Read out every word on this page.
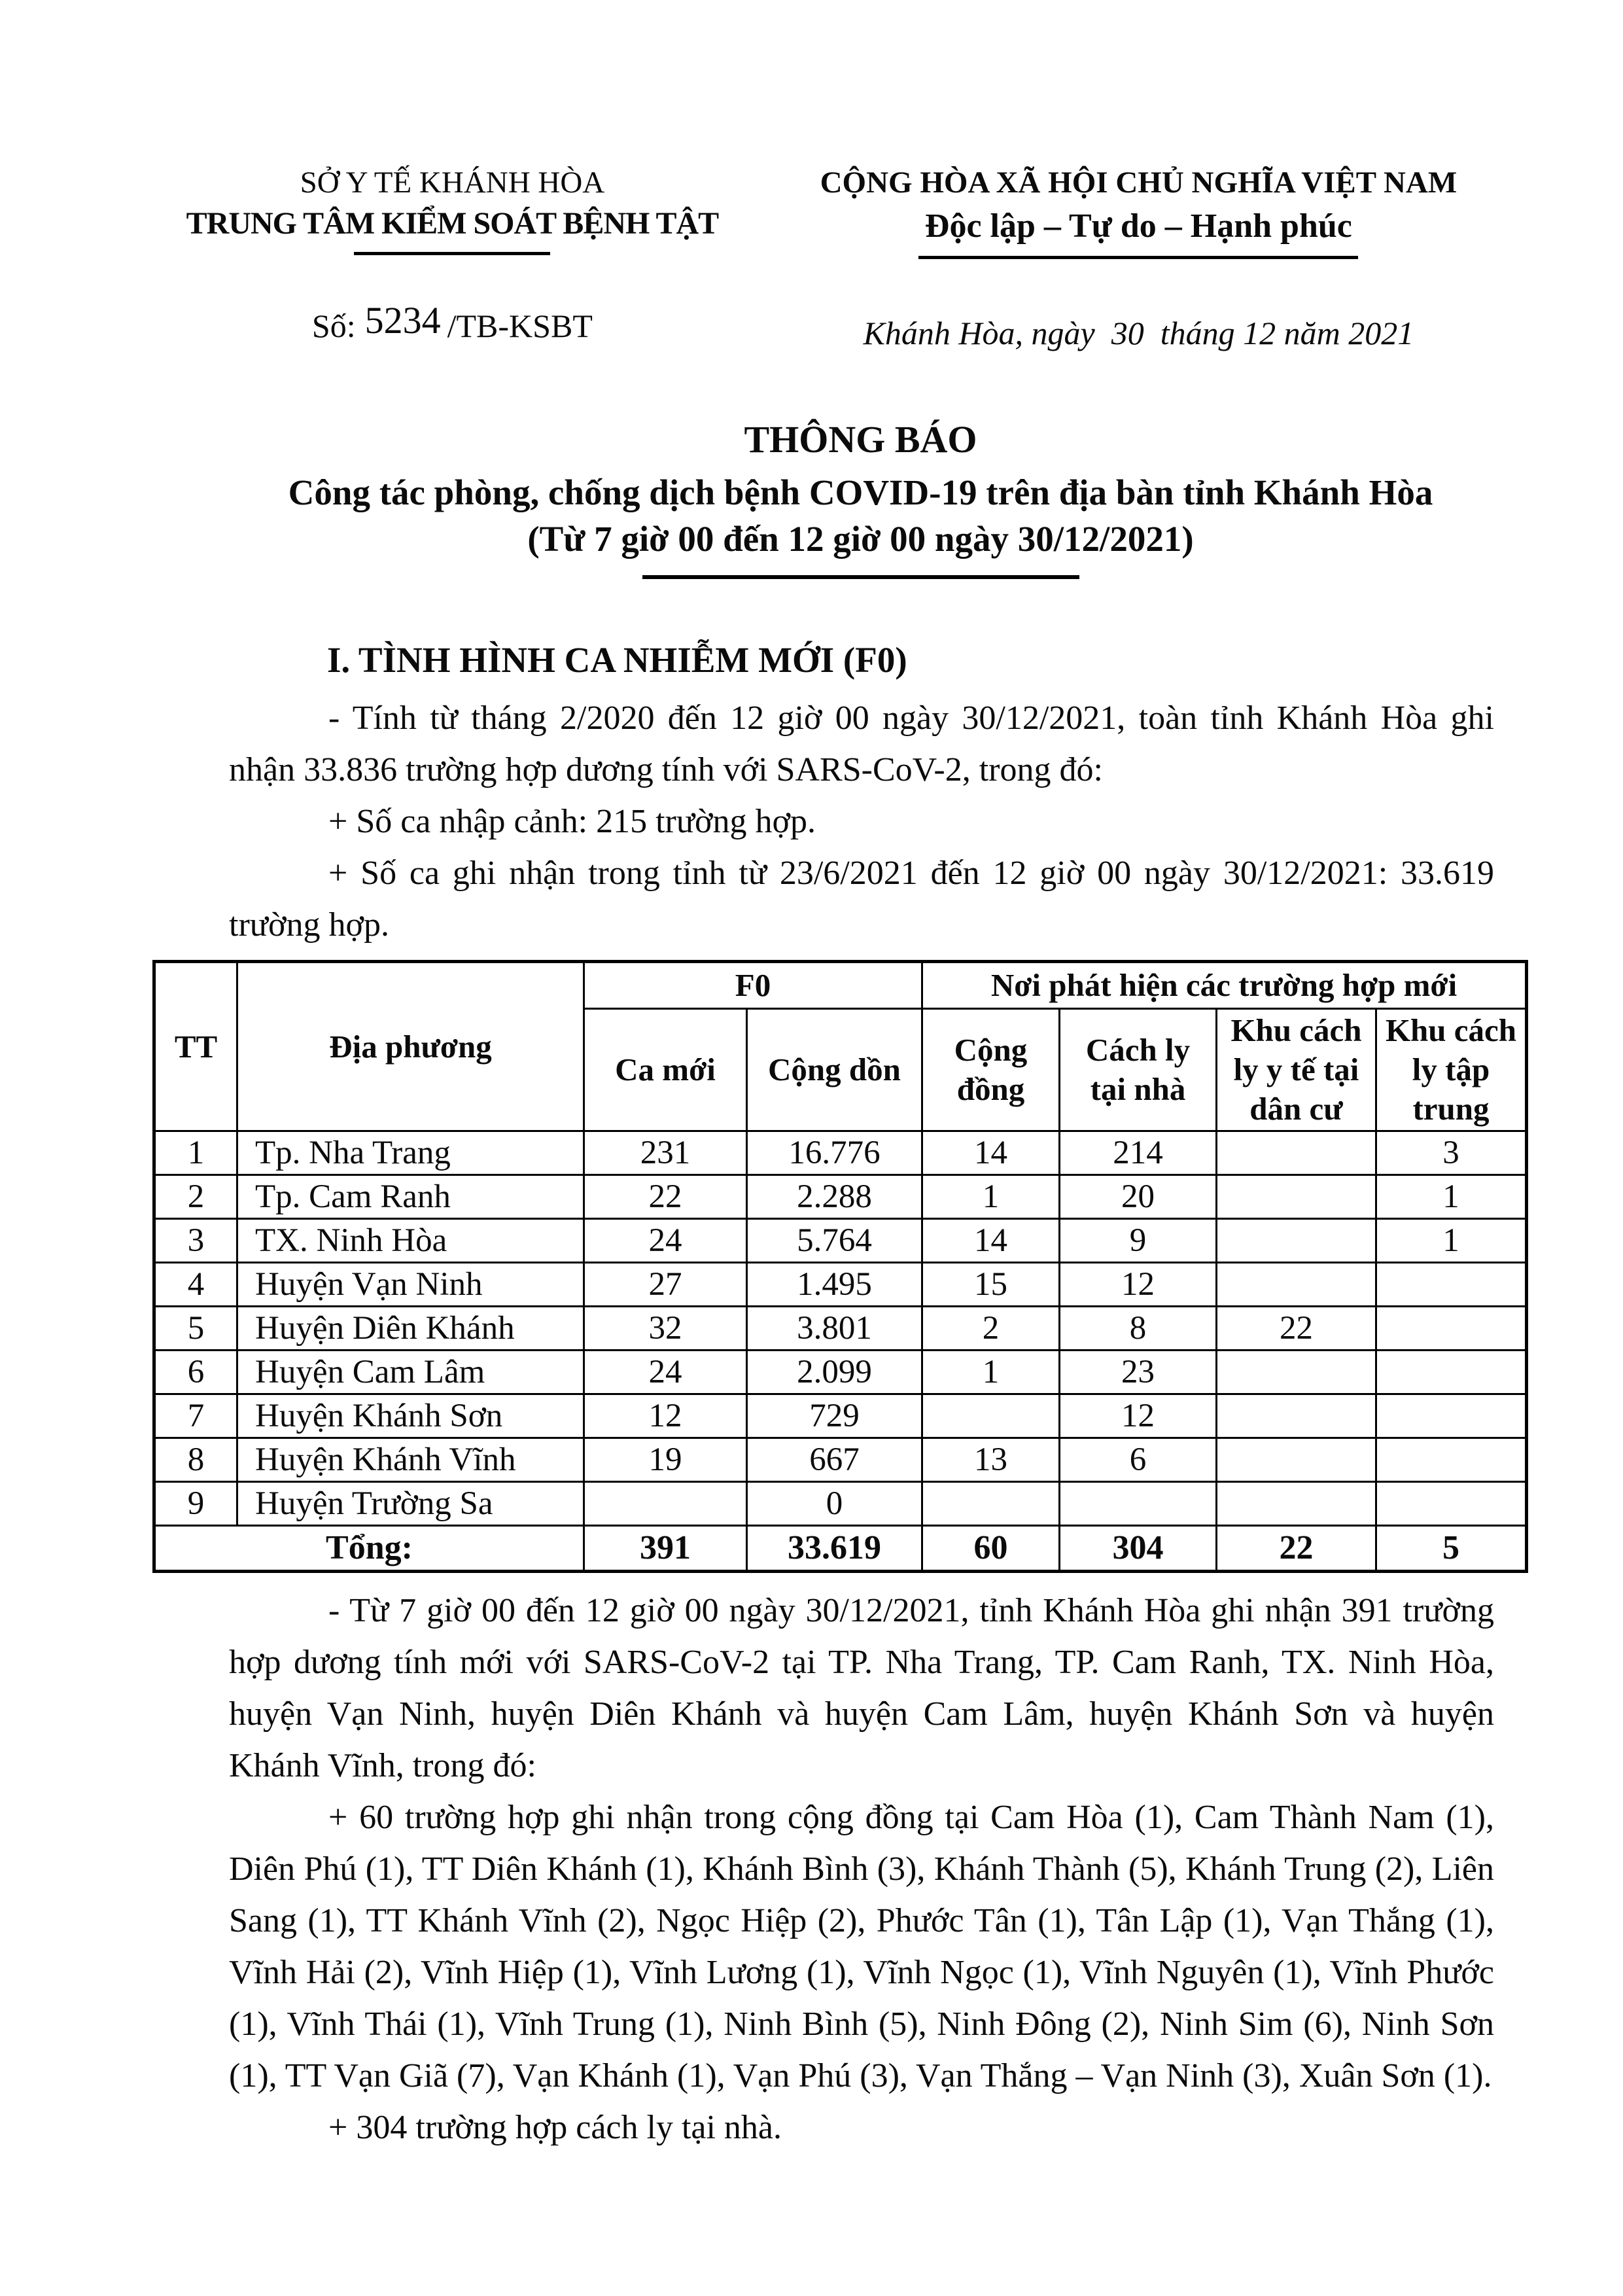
SỞ Y TẾ KHÁNH HÒA
TRUNG TÂM KIỂM SOÁT BỆNH TẬT
Số: 5234 /TB-KSBT
CỘNG HÒA XÃ HỘI CHỦ NGHĨA VIỆT NAM
Độc lập – Tự do – Hạnh phúc
Khánh Hòa, ngày  30  tháng 12 năm 2021
THÔNG BÁO
Công tác phòng, chống dịch bệnh COVID-19 trên địa bàn tỉnh Khánh Hòa
(Từ 7 giờ 00 đến 12 giờ 00 ngày 30/12/2021)
I. TÌNH HÌNH CA NHIỄM MỚI (F0)

- Tính từ tháng 2/2020 đến 12 giờ 00 ngày 30/12/2021, toàn tỉnh Khánh Hòa ghi nhận 33.836 trường hợp dương tính với SARS-CoV-2, trong đó:

+ Số ca nhập cảnh: 215 trường hợp.

+ Số ca ghi nhận trong tỉnh từ 23/6/2021 đến 12 giờ 00 ngày 30/12/2021: 33.619 trường hợp.

TT	Địa phương	F0		Nơi phát hiện các trường hợp mới			
		Ca mới	Cộng dồn	Cộng đồng	Cách ly tại nhà	Khu cách ly y tế tại dân cư	Khu cách ly tập trung
1	Tp. Nha Trang	231	16.776	14	214		3
2	Tp. Cam Ranh	22	2.288	1	20		1
3	TX. Ninh Hòa	24	5.764	14	9		1
4	Huyện Vạn Ninh	27	1.495	15	12		
5	Huyện Diên Khánh	32	3.801	2	8	22	
6	Huyện Cam Lâm	24	2.099	1	23		
7	Huyện Khánh Sơn	12	729		12		
8	Huyện Khánh Vĩnh	19	667	13	6		
9	Huyện Trường Sa		0				
Tổng:		391	33.619	60	304	22	5

- Từ 7 giờ 00 đến 12 giờ 00 ngày 30/12/2021, tỉnh Khánh Hòa ghi nhận 391 trường hợp dương tính mới với SARS-CoV-2 tại TP. Nha Trang, TP. Cam Ranh, TX. Ninh Hòa, huyện Vạn Ninh, huyện Diên Khánh và huyện Cam Lâm, huyện Khánh Sơn và huyện Khánh Vĩnh, trong đó:

+ 60 trường hợp ghi nhận trong cộng đồng tại Cam Hòa (1), Cam Thành Nam (1), Diên Phú (1), TT Diên Khánh (1), Khánh Bình (3), Khánh Thành (5), Khánh Trung (2), Liên Sang (1), TT Khánh Vĩnh (2), Ngọc Hiệp (2), Phước Tân (1), Tân Lập (1), Vạn Thắng (1), Vĩnh Hải (2), Vĩnh Hiệp (1), Vĩnh Lương (1), Vĩnh Ngọc (1), Vĩnh Nguyên (1), Vĩnh Phước (1), Vĩnh Thái (1), Vĩnh Trung (1), Ninh Bình (5), Ninh Đông (2), Ninh Sim (6), Ninh Sơn (1), TT Vạn Giã (7), Vạn Khánh (1), Vạn Phú (3), Vạn Thắng – Vạn Ninh (3), Xuân Sơn (1).

+ 304 trường hợp cách ly tại nhà.
